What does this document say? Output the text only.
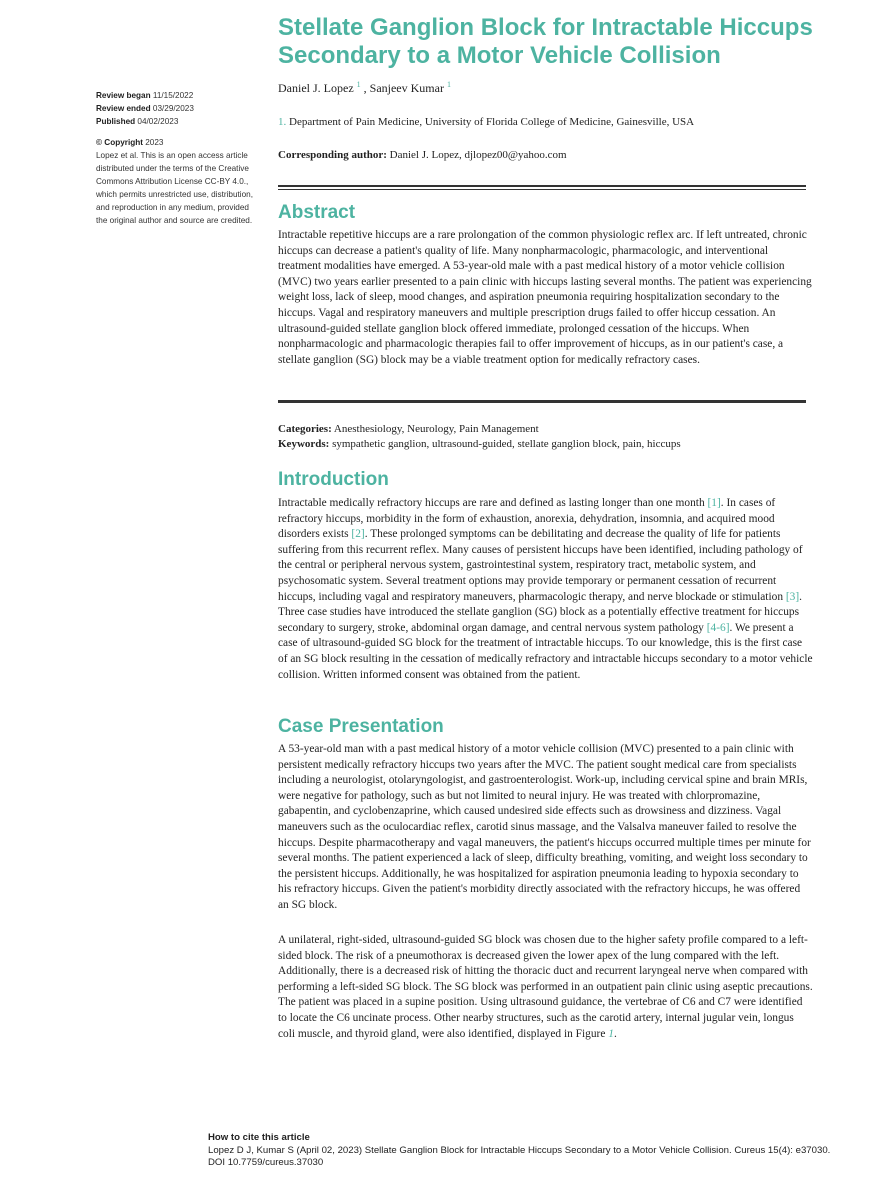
Stellate Ganglion Block for Intractable Hiccups Secondary to a Motor Vehicle Collision
Daniel J. Lopez $^1$ , Sanjeev Kumar $^1$
Review began 11/15/2022
Review ended 03/29/2023
Published 04/02/2023
© Copyright 2023
Lopez et al. This is an open access article distributed under the terms of the Creative Commons Attribution License CC-BY 4.0., which permits unrestricted use, distribution, and reproduction in any medium, provided the original author and source are credited.
1. Department of Pain Medicine, University of Florida College of Medicine, Gainesville, USA
Corresponding author: Daniel J. Lopez, djlopez00@yahoo.com
Abstract

Intractable repetitive hiccups are a rare prolongation of the common physiologic reflex arc. If left untreated, chronic hiccups can decrease a patient's quality of life. Many nonpharmacologic, pharmacologic, and interventional treatment modalities have emerged. A 53-year-old male with a past medical history of a motor vehicle collision (MVC) two years earlier presented to a pain clinic with hiccups lasting several months. The patient was experiencing weight loss, lack of sleep, mood changes, and aspiration pneumonia requiring hospitalization secondary to the hiccups. Vagal and respiratory maneuvers and multiple prescription drugs failed to offer hiccup cessation. An ultrasound-guided stellate ganglion block offered immediate, prolonged cessation of the hiccups. When nonpharmacologic and pharmacologic therapies fail to offer improvement of hiccups, as in our patient's case, a stellate ganglion (SG) block may be a viable treatment option for medically refractory cases.

Categories: Anesthesiology, Neurology, Pain Management
Keywords: sympathetic ganglion, ultrasound-guided, stellate ganglion block, pain, hiccups
Introduction

Intractable medically refractory hiccups are rare and defined as lasting longer than one month [1]. In cases of refractory hiccups, morbidity in the form of exhaustion, anorexia, dehydration, insomnia, and acquired mood disorders exists [2]. These prolonged symptoms can be debilitating and decrease the quality of life for patients suffering from this recurrent reflex. Many causes of persistent hiccups have been identified, including pathology of the central or peripheral nervous system, gastrointestinal system, respiratory tract, metabolic system, and psychosomatic system. Several treatment options may provide temporary or permanent cessation of recurrent hiccups, including vagal and respiratory maneuvers, pharmacologic therapy, and nerve blockade or stimulation [3]. Three case studies have introduced the stellate ganglion (SG) block as a potentially effective treatment for hiccups secondary to surgery, stroke, abdominal organ damage, and central nervous system pathology [4-6]. We present a case of ultrasound-guided SG block for the treatment of intractable hiccups. To our knowledge, this is the first case of an SG block resulting in the cessation of medically refractory and intractable hiccups secondary to a motor vehicle collision. Written informed consent was obtained from the patient.

Case Presentation

A 53-year-old man with a past medical history of a motor vehicle collision (MVC) presented to a pain clinic with persistent medically refractory hiccups two years after the MVC. The patient sought medical care from specialists including a neurologist, otolaryngologist, and gastroenterologist. Work-up, including cervical spine and brain MRIs, were negative for pathology, such as but not limited to neural injury. He was treated with chlorpromazine, gabapentin, and cyclobenzaprine, which caused undesired side effects such as drowsiness and dizziness. Vagal maneuvers such as the oculocardiac reflex, carotid sinus massage, and the Valsalva maneuver failed to resolve the hiccups. Despite pharmacotherapy and vagal maneuvers, the patient's hiccups occurred multiple times per minute for several months. The patient experienced a lack of sleep, difficulty breathing, vomiting, and weight loss secondary to the persistent hiccups. Additionally, he was hospitalized for aspiration pneumonia leading to hypoxia secondary to his refractory hiccups. Given the patient's morbidity directly associated with the refractory hiccups, he was offered an SG block.

A unilateral, right-sided, ultrasound-guided SG block was chosen due to the higher safety profile compared to a left-sided block. The risk of a pneumothorax is decreased given the lower apex of the lung compared with the left. Additionally, there is a decreased risk of hitting the thoracic duct and recurrent laryngeal nerve when compared with performing a left-sided SG block. The SG block was performed in an outpatient pain clinic using aseptic precautions. The patient was placed in a supine position. Using ultrasound guidance, the vertebrae of C6 and C7 were identified to locate the C6 uncinate process. Other nearby structures, such as the carotid artery, internal jugular vein, longus coli muscle, and thyroid gland, were also identified, displayed in Figure 1.

How to cite this article
Lopez D J, Kumar S (April 02, 2023) Stellate Ganglion Block for Intractable Hiccups Secondary to a Motor Vehicle Collision. Cureus 15(4): e37030.
DOI 10.7759/cureus.37030
